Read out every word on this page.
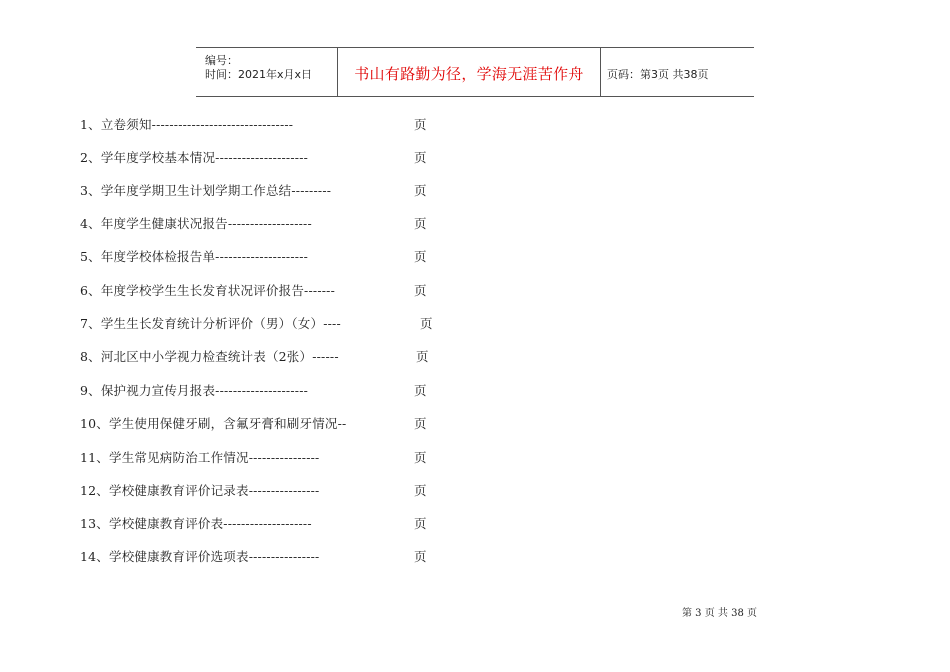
编号：
时间：2021年x月x日	书山有路勤为径，学海无涯苦作舟	页码：第3页 共38页
1、立卷须知--------------------------------	页
2、学年度学校基本情况---------------------	页
3、学年度学期卫生计划学期工作总结---------	页
4、年度学生健康状况报告-------------------	页
5、年度学校体检报告单---------------------	页
6、年度学校学生生长发育状况评价报告-------	页
7、学生生长发育统计分析评价（男）（女）----	页
8、河北区中小学视力检查统计表（2张）------	页
9、保护视力宣传月报表---------------------	页
10、学生使用保健牙刷，含氟牙膏和刷牙情况--	页
11、学生常见病防治工作情况----------------	页
12、学校健康教育评价记录表----------------	页
13、学校健康教育评价表--------------------	页
14、学校健康教育评价选项表----------------	页
第 3 页 共 38 页
